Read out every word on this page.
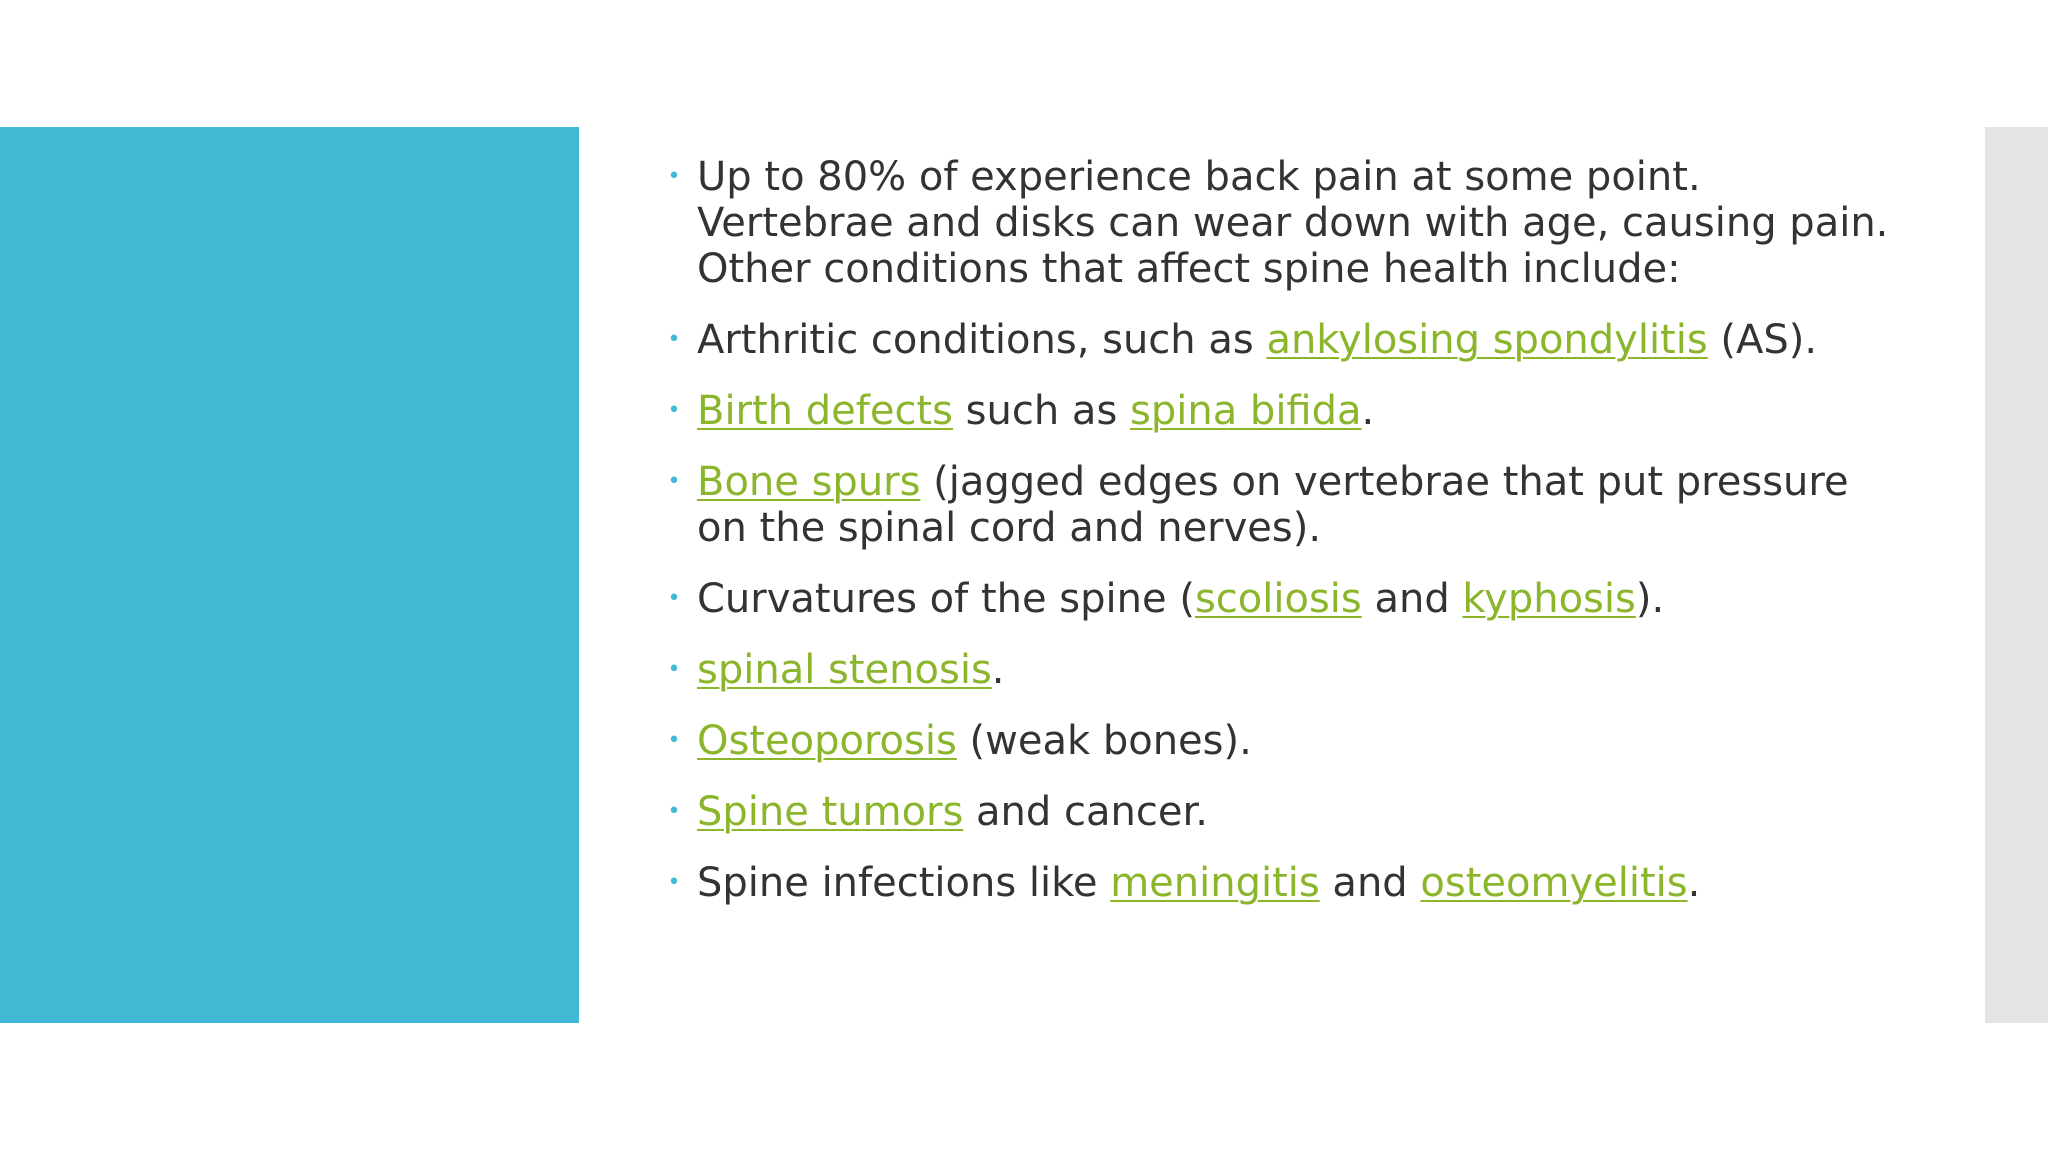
• Up to 80% of experience back pain at some point. Vertebrae and disks can wear down with age, causing pain. Other conditions that affect spine health include:
• Arthritic conditions, such as ankylosing spondylitis (AS).
• Birth defects such as spina bifida.
• Bone spurs (jagged edges on vertebrae that put pressure on the spinal cord and nerves).
• Curvatures of the spine (scoliosis and kyphosis).
• spinal stenosis.
• Osteoporosis (weak bones).
• Spine tumors and cancer.
• Spine infections like meningitis and osteomyelitis.
